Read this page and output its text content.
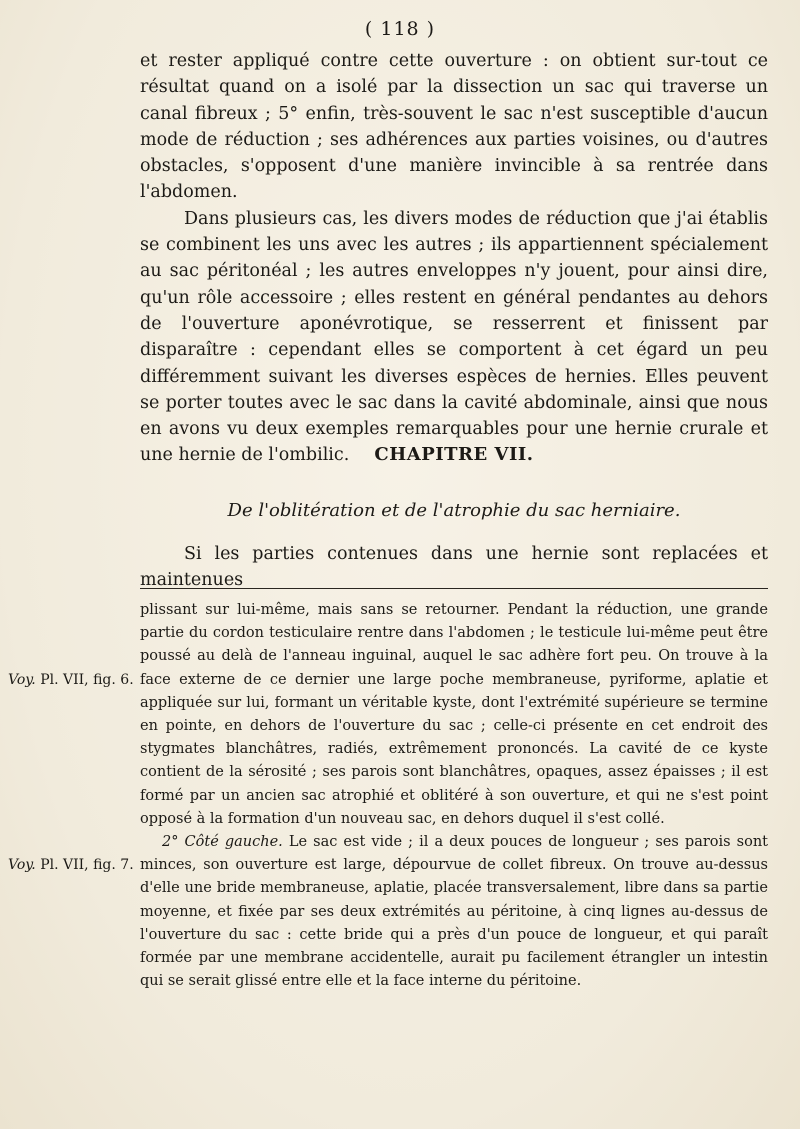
( 118 )

et rester appliqué contre cette ouverture : on obtient sur-tout ce résultat quand on a isolé par la dissection un sac qui traverse un canal fibreux ; 5° enfin, très-souvent le sac n'est susceptible d'aucun mode de réduction ; ses adhérences aux parties voisines, ou d'autres obstacles, s'opposent d'une manière invincible à sa rentrée dans l'abdomen.

Dans plusieurs cas, les divers modes de réduction que j'ai établis se combinent les uns avec les autres ; ils appartiennent spécialement au sac péritonéal ; les autres enveloppes n'y jouent, pour ainsi dire, qu'un rôle accessoire ; elles restent en général pendantes au dehors de l'ouverture aponévrotique, se resserrent et finissent par disparaître : cependant elles se comportent à cet égard un peu différemment suivant les diverses espèces de hernies. Elles peuvent se porter toutes avec le sac dans la cavité abdominale, ainsi que nous en avons vu deux exemples remarquables pour une hernie crurale et une hernie de l'ombilic.	CHAPITRE VII.
De l'oblitération et de l'atrophie du sac herniaire.
Si les parties contenues dans une hernie sont replacées et maintenues

plissant sur lui-même, mais sans se retourner. Pendant la réduction, une grande partie du cordon testiculaire rentre dans l'abdomen ; le testicule lui-même peut être poussé au delà de l'anneau inguinal, auquel le sac adhère fort peu. On trouve à la face externe de ce dernier une large poche membraneuse, pyriforme, aplatie et appliquée sur lui, formant un véritable kyste, dont l'extrémité supérieure se termine en pointe, en dehors de l'ouverture du sac ; celle-ci présente en cet endroit des stygmates blanchâtres, radiés, extrêmement prononcés. La cavité de ce kyste contient de la sérosité ; ses parois sont blanchâtres, opaques, assez épaisses ; il est formé par un ancien sac atrophié et oblitéré à son ouverture, et qui ne s'est point opposé à la formation d'un nouveau sac, en dehors duquel il s'est collé.

2° Côté gauche. Le sac est vide ; il a deux pouces de longueur ; ses parois sont minces, son ouverture est large, dépourvue de collet fibreux. On trouve au-dessus d'elle une bride membraneuse, aplatie, placée transversalement, libre dans sa partie moyenne, et fixée par ses deux extrémités au péritoine, à cinq lignes au-dessus de l'ouverture du sac : cette bride qui a près d'un pouce de longueur, et qui paraît formée par une membrane accidentelle, aurait pu facilement étrangler un intestin qui se serait glissé entre elle et la face interne du péritoine.

Voy. Pl. VII, fig. 6.
Voy. Pl. VII, fig. 7.
